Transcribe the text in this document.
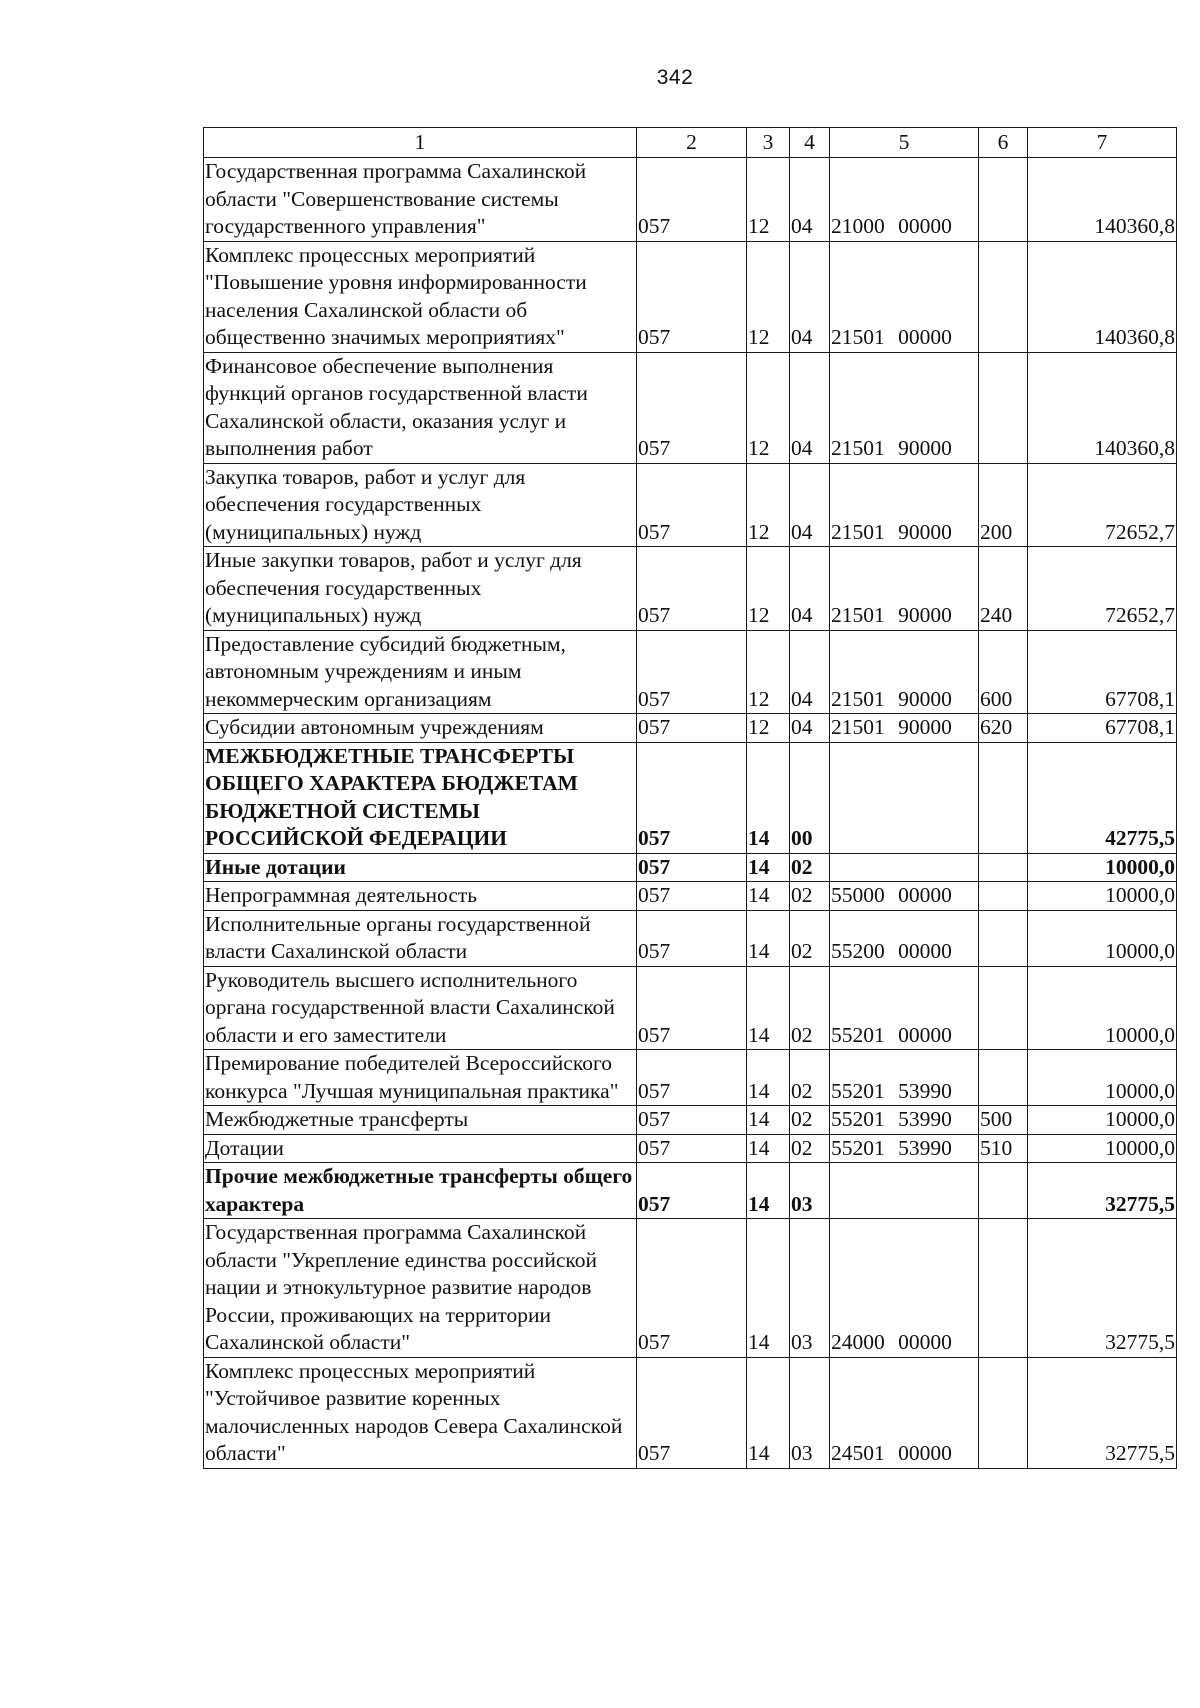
342
1	2	3	4	5	6	7
Государственная программа Сахалинской области "Совершенствование системы государственного управления"	057	12	04	21000 00000		140360,8
Комплекс процессных мероприятий "Повышение уровня информированности населения Сахалинской области об общественно значимых мероприятиях"	057	12	04	21501 00000		140360,8
Финансовое обеспечение выполнения функций органов государственной власти Сахалинской области, оказания услуг и выполнения работ	057	12	04	21501 90000		140360,8
Закупка товаров, работ и услуг для обеспечения государственных (муниципальных) нужд	057	12	04	21501 90000	200	72652,7
Иные закупки товаров, работ и услуг для обеспечения государственных (муниципальных) нужд	057	12	04	21501 90000	240	72652,7
Предоставление субсидий бюджетным, автономным учреждениям и иным некоммерческим организациям	057	12	04	21501 90000	600	67708,1
Субсидии автономным учреждениям	057	12	04	21501 90000	620	67708,1
МЕЖБЮДЖЕТНЫЕ ТРАНСФЕРТЫ ОБЩЕГО ХАРАКТЕРА БЮДЖЕТАМ БЮДЖЕТНОЙ СИСТЕМЫ РОССИЙСКОЙ ФЕДЕРАЦИИ	057	14	00			42775,5
Иные дотации	057	14	02			10000,0
Непрограммная деятельность	057	14	02	55000 00000		10000,0
Исполнительные органы государственной власти Сахалинской области	057	14	02	55200 00000		10000,0
Руководитель высшего исполнительного органа государственной власти Сахалинской области и его заместители	057	14	02	55201 00000		10000,0
Премирование победителей Всероссийского конкурса "Лучшая муниципальная практика"	057	14	02	55201 53990		10000,0
Межбюджетные трансферты	057	14	02	55201 53990	500	10000,0
Дотации	057	14	02	55201 53990	510	10000,0
Прочие межбюджетные трансферты общего характера	057	14	03			32775,5
Государственная программа Сахалинской области "Укрепление единства российской нации и этнокультурное развитие народов России, проживающих на территории Сахалинской области"	057	14	03	24000 00000		32775,5
Комплекс процессных мероприятий "Устойчивое развитие коренных малочисленных народов Севера Сахалинской области"	057	14	03	24501 00000		32775,5
